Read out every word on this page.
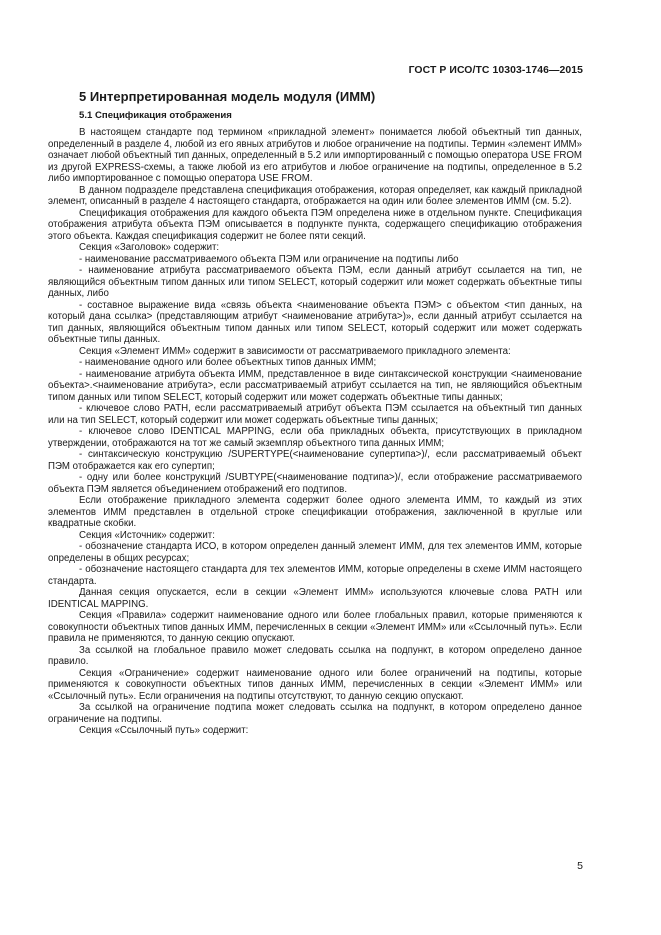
ГОСТ Р ИСО/ТС 10303-1746—2015
5 Интерпретированная модель модуля (ИММ)
5.1 Спецификация отображения

В настоящем стандарте под термином «прикладной элемент» понимается любой объектный тип данных, определенный в разделе 4, любой из его явных атрибутов и любое ограничение на подтипы. Термин «элемент ИММ» означает любой объектный тип данных, определенный в 5.2 или импортированный с помощью оператора USE FROM из другой EXPRESS-схемы, а также любой из его атрибутов и любое ограничение на подтипы, определенное в 5.2 либо импортированное с помощью оператора USE FROM.

В данном подразделе представлена спецификация отображения, которая определяет, как каждый прикладной элемент, описанный в разделе 4 настоящего стандарта, отображается на один или более элементов ИММ (см. 5.2).

Спецификация отображения для каждого объекта ПЭМ определена ниже в отдельном пункте. Спецификация отображения атрибута объекта ПЭМ описывается в подпункте пункта, содержащего спецификацию отображения этого объекта. Каждая спецификация содержит не более пяти секций.

Секция «Заголовок» содержит:

- наименование рассматриваемого объекта ПЭМ или ограничение на подтипы либо

- наименование атрибута рассматриваемого объекта ПЭМ, если данный атрибут ссылается на тип, не являющийся объектным типом данных или типом SELECT, который содержит или может содержать объектные типы данных, либо

- составное выражение вида «связь объекта <наименование объекта ПЭМ> с объектом <тип данных, на который дана ссылка> (представляющим атрибут <наименование атрибута>)», если данный атрибут ссылается на тип данных, являющийся объектным типом данных или типом SELECT, который содержит или может содержать объектные типы данных.

Секция «Элемент ИММ» содержит в зависимости от рассматриваемого прикладного элемента:

- наименование одного или более объектных типов данных ИММ;

- наименование атрибута объекта ИММ, представленное в виде синтаксической конструкции <наименование объекта>.<наименование атрибута>, если рассматриваемый атрибут ссылается на тип, не являющийся объектным типом данных или типом SELECT, который содержит или может содержать объектные типы данных;

- ключевое слово PATH, если рассматриваемый атрибут объекта ПЭМ ссылается на объектный тип данных или на тип SELECT, который содержит или может содержать объектные типы данных;

- ключевое слово IDENTICAL MAPPING, если оба прикладных объекта, присутствующих в прикладном утверждении, отображаются на тот же самый экземпляр объектного типа данных ИММ;

- синтаксическую конструкцию /SUPERTYPE(<наименование супертипа>)/, если рассматриваемый объект ПЭМ отображается как его супертип;

- одну или более конструкций /SUBTYPE(<наименование подтипа>)/, если отображение рассматриваемого объекта ПЭМ является объединением отображений его подтипов.

Если отображение прикладного элемента содержит более одного элемента ИММ, то каждый из этих элементов ИММ представлен в отдельной строке спецификации отображения, заключенной в круглые или квадратные скобки.

Секция «Источник» содержит:

- обозначение стандарта ИСО, в котором определен данный элемент ИММ, для тех элементов ИММ, которые определены в общих ресурсах;

- обозначение настоящего стандарта для тех элементов ИММ, которые определены в схеме ИММ настоящего стандарта.

Данная секция опускается, если в секции «Элемент ИММ» используются ключевые слова PATH или IDENTICAL MAPPING.

Секция «Правила» содержит наименование одного или более глобальных правил, которые применяются к совокупности объектных типов данных ИММ, перечисленных в секции «Элемент ИММ» или «Ссылочный путь». Если правила не применяются, то данную секцию опускают.

За ссылкой на глобальное правило может следовать ссылка на подпункт, в котором определено данное правило.

Секция «Ограничение» содержит наименование одного или более ограничений на подтипы, которые применяются к совокупности объектных типов данных ИММ, перечисленных в секции «Элемент ИММ» или «Ссылочный путь». Если ограничения на подтипы отсутствуют, то данную секцию опускают.

За ссылкой на ограничение подтипа может следовать ссылка на подпункт, в котором определено данное ограничение на подтипы.

Секция «Ссылочный путь» содержит:

5
